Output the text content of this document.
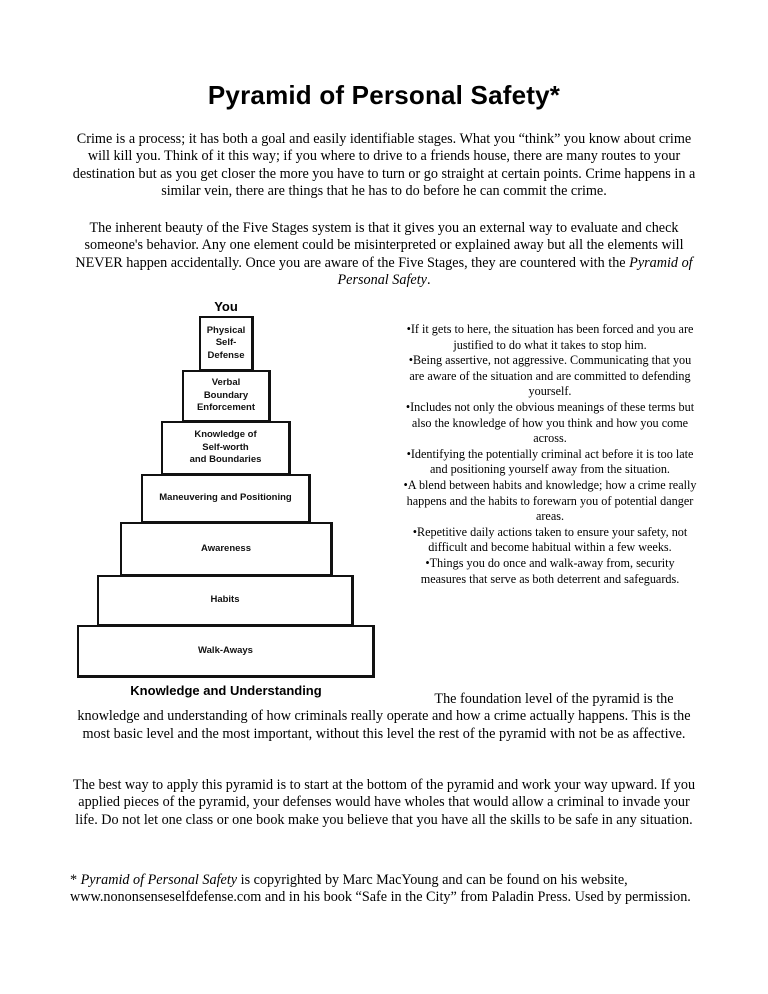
Pyramid of Personal Safety*
Crime is a process; it has both a goal and easily identifiable stages. What you “think” you know about crime will kill you. Think of it this way; if you where to drive to a friends house, there are many routes to your destination but as you get closer the more you have to turn or go straight at certain points. Crime happens in a similar vein, there are things that he has to do before he can commit the crime.
The inherent beauty of the Five Stages system is that it gives you an external way to evaluate and check someone's behavior. Any one element could be misinterpreted or explained away but all the elements will NEVER happen accidentally. Once you are aware of the Five Stages, they are countered with the Pyramid of Personal Safety.
You
Physical
Self-
Defense
Verbal
Boundary
Enforcement
Knowledge of
Self-worth
and Boundaries
Maneuvering and Positioning
Awareness
Habits
Walk-Aways
Knowledge and Understanding
•If it gets to here, the situation has been forced and you are justified to do what it takes to stop him.
•Being assertive, not aggressive. Communicating that you are aware of the situation and are committed to defending yourself.
•Includes not only the obvious meanings of these terms but also the knowledge of how you think and how you come across.
•Identifying the potentially criminal act before it is too late and positioning yourself away from the situation.
•A blend between habits and knowledge; how a crime really happens and the habits to forewarn you of potential danger areas.
•Repetitive daily actions taken to ensure your safety, not difficult and become habitual within a few weeks.
•Things you do once and walk-away from, security measures that serve as both deterrent and safeguards.
The foundation level of the pyramid is the
knowledge and understanding of how criminals really operate and how a crime actually happens. This is the most basic level and the most important, without this level the rest of the pyramid with not be as affective.
The best way to apply this pyramid is to start at the bottom of the pyramid and work your way upward. If you applied pieces of the pyramid, your defenses would have wholes that would allow a criminal to invade your life. Do not let one class or one book make you believe that you have all the skills to be safe in any situation.
* Pyramid of Personal Safety is copyrighted by Marc MacYoung and can be found on his website, www.nononsenseselfdefense.com and in his book “Safe in the City” from Paladin Press. Used by permission.
